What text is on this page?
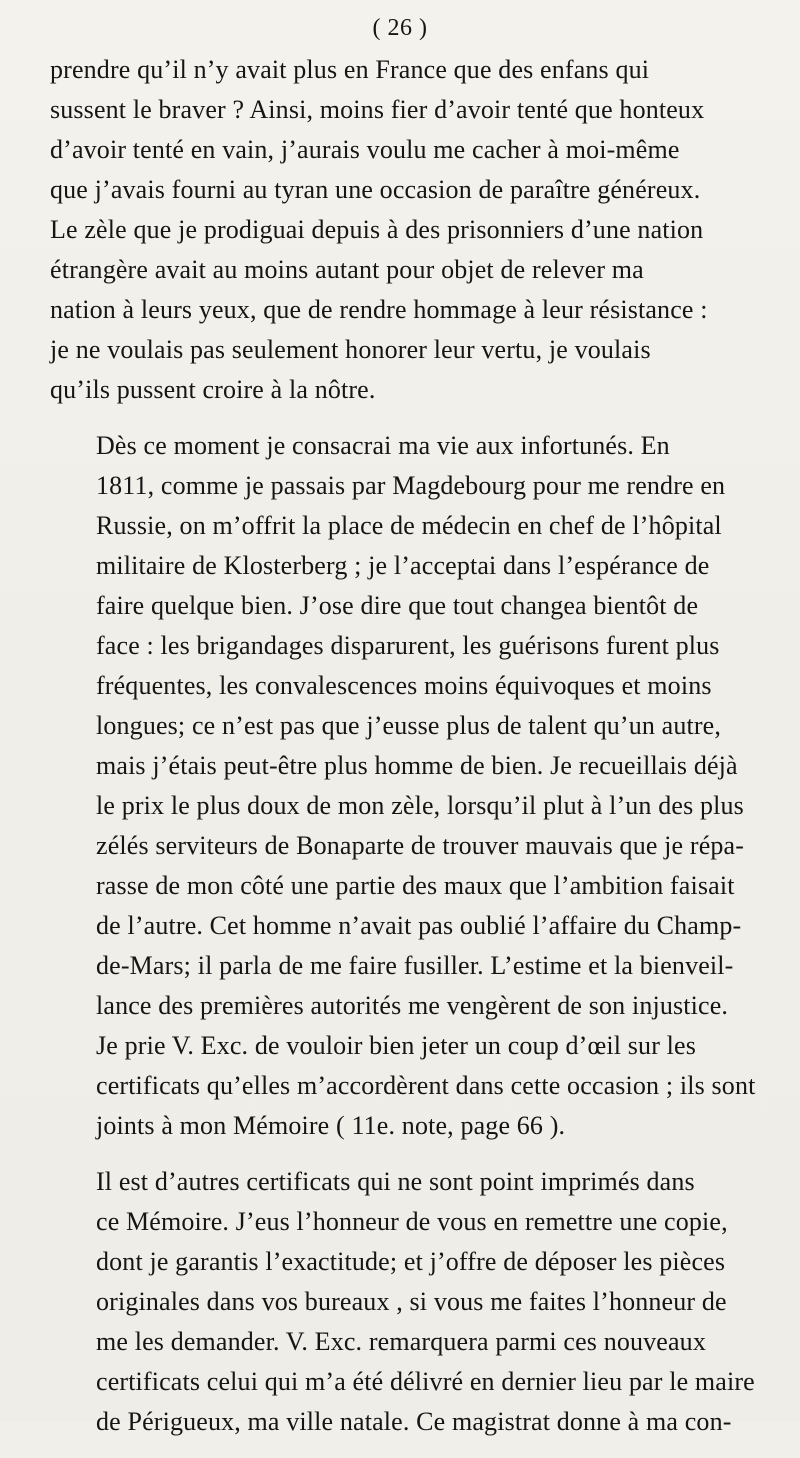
( 26 )
prendre qu’il n’y avait plus en France que des enfans qui
sussent le braver ? Ainsi, moins fier d’avoir tenté que honteux
d’avoir tenté en vain, j’aurais voulu me cacher à moi-même
que j’avais fourni au tyran une occasion de paraître généreux.
Le zèle que je prodiguai depuis à des prisonniers d’une nation
étrangère avait au moins autant pour objet de relever ma
nation à leurs yeux, que de rendre hommage à leur résistance :
je ne voulais pas seulement honorer leur vertu, je voulais
qu’ils pussent croire à la nôtre.
Dès ce moment je consacrai ma vie aux infortunés. En
1811, comme je passais par Magdebourg pour me rendre en
Russie, on m’offrit la place de médecin en chef de l’hôpital
militaire de Klosterberg ; je l’acceptai dans l’espérance de
faire quelque bien. J’ose dire que tout changea bientôt de
face : les brigandages disparurent, les guérisons furent plus
fréquentes, les convalescences moins équivoques et moins
longues; ce n’est pas que j’eusse plus de talent qu’un autre,
mais j’étais peut-être plus homme de bien. Je recueillais déjà
le prix le plus doux de mon zèle, lorsqu’il plut à l’un des plus
zélés serviteurs de Bonaparte de trouver mauvais que je répa-
rasse de mon côté une partie des maux que l’ambition faisait
de l’autre. Cet homme n’avait pas oublié l’affaire du Champ-
de-Mars; il parla de me faire fusiller. L’estime et la bienveil-
lance des premières autorités me vengèrent de son injustice.
Je prie V. Exc. de vouloir bien jeter un coup d’œil sur les
certificats qu’elles m’accordèrent dans cette occasion ; ils sont
joints à mon Mémoire ( 11e. note, page 66 ).
Il est d’autres certificats qui ne sont point imprimés dans
ce Mémoire. J’eus l’honneur de vous en remettre une copie,
dont je garantis l’exactitude; et j’offre de déposer les pièces
originales dans vos bureaux , si vous me faites l’honneur de
me les demander. V. Exc. remarquera parmi ces nouveaux
certificats celui qui m’a été délivré en dernier lieu par le maire
de Périgueux, ma ville natale. Ce magistrat donne à ma con-
